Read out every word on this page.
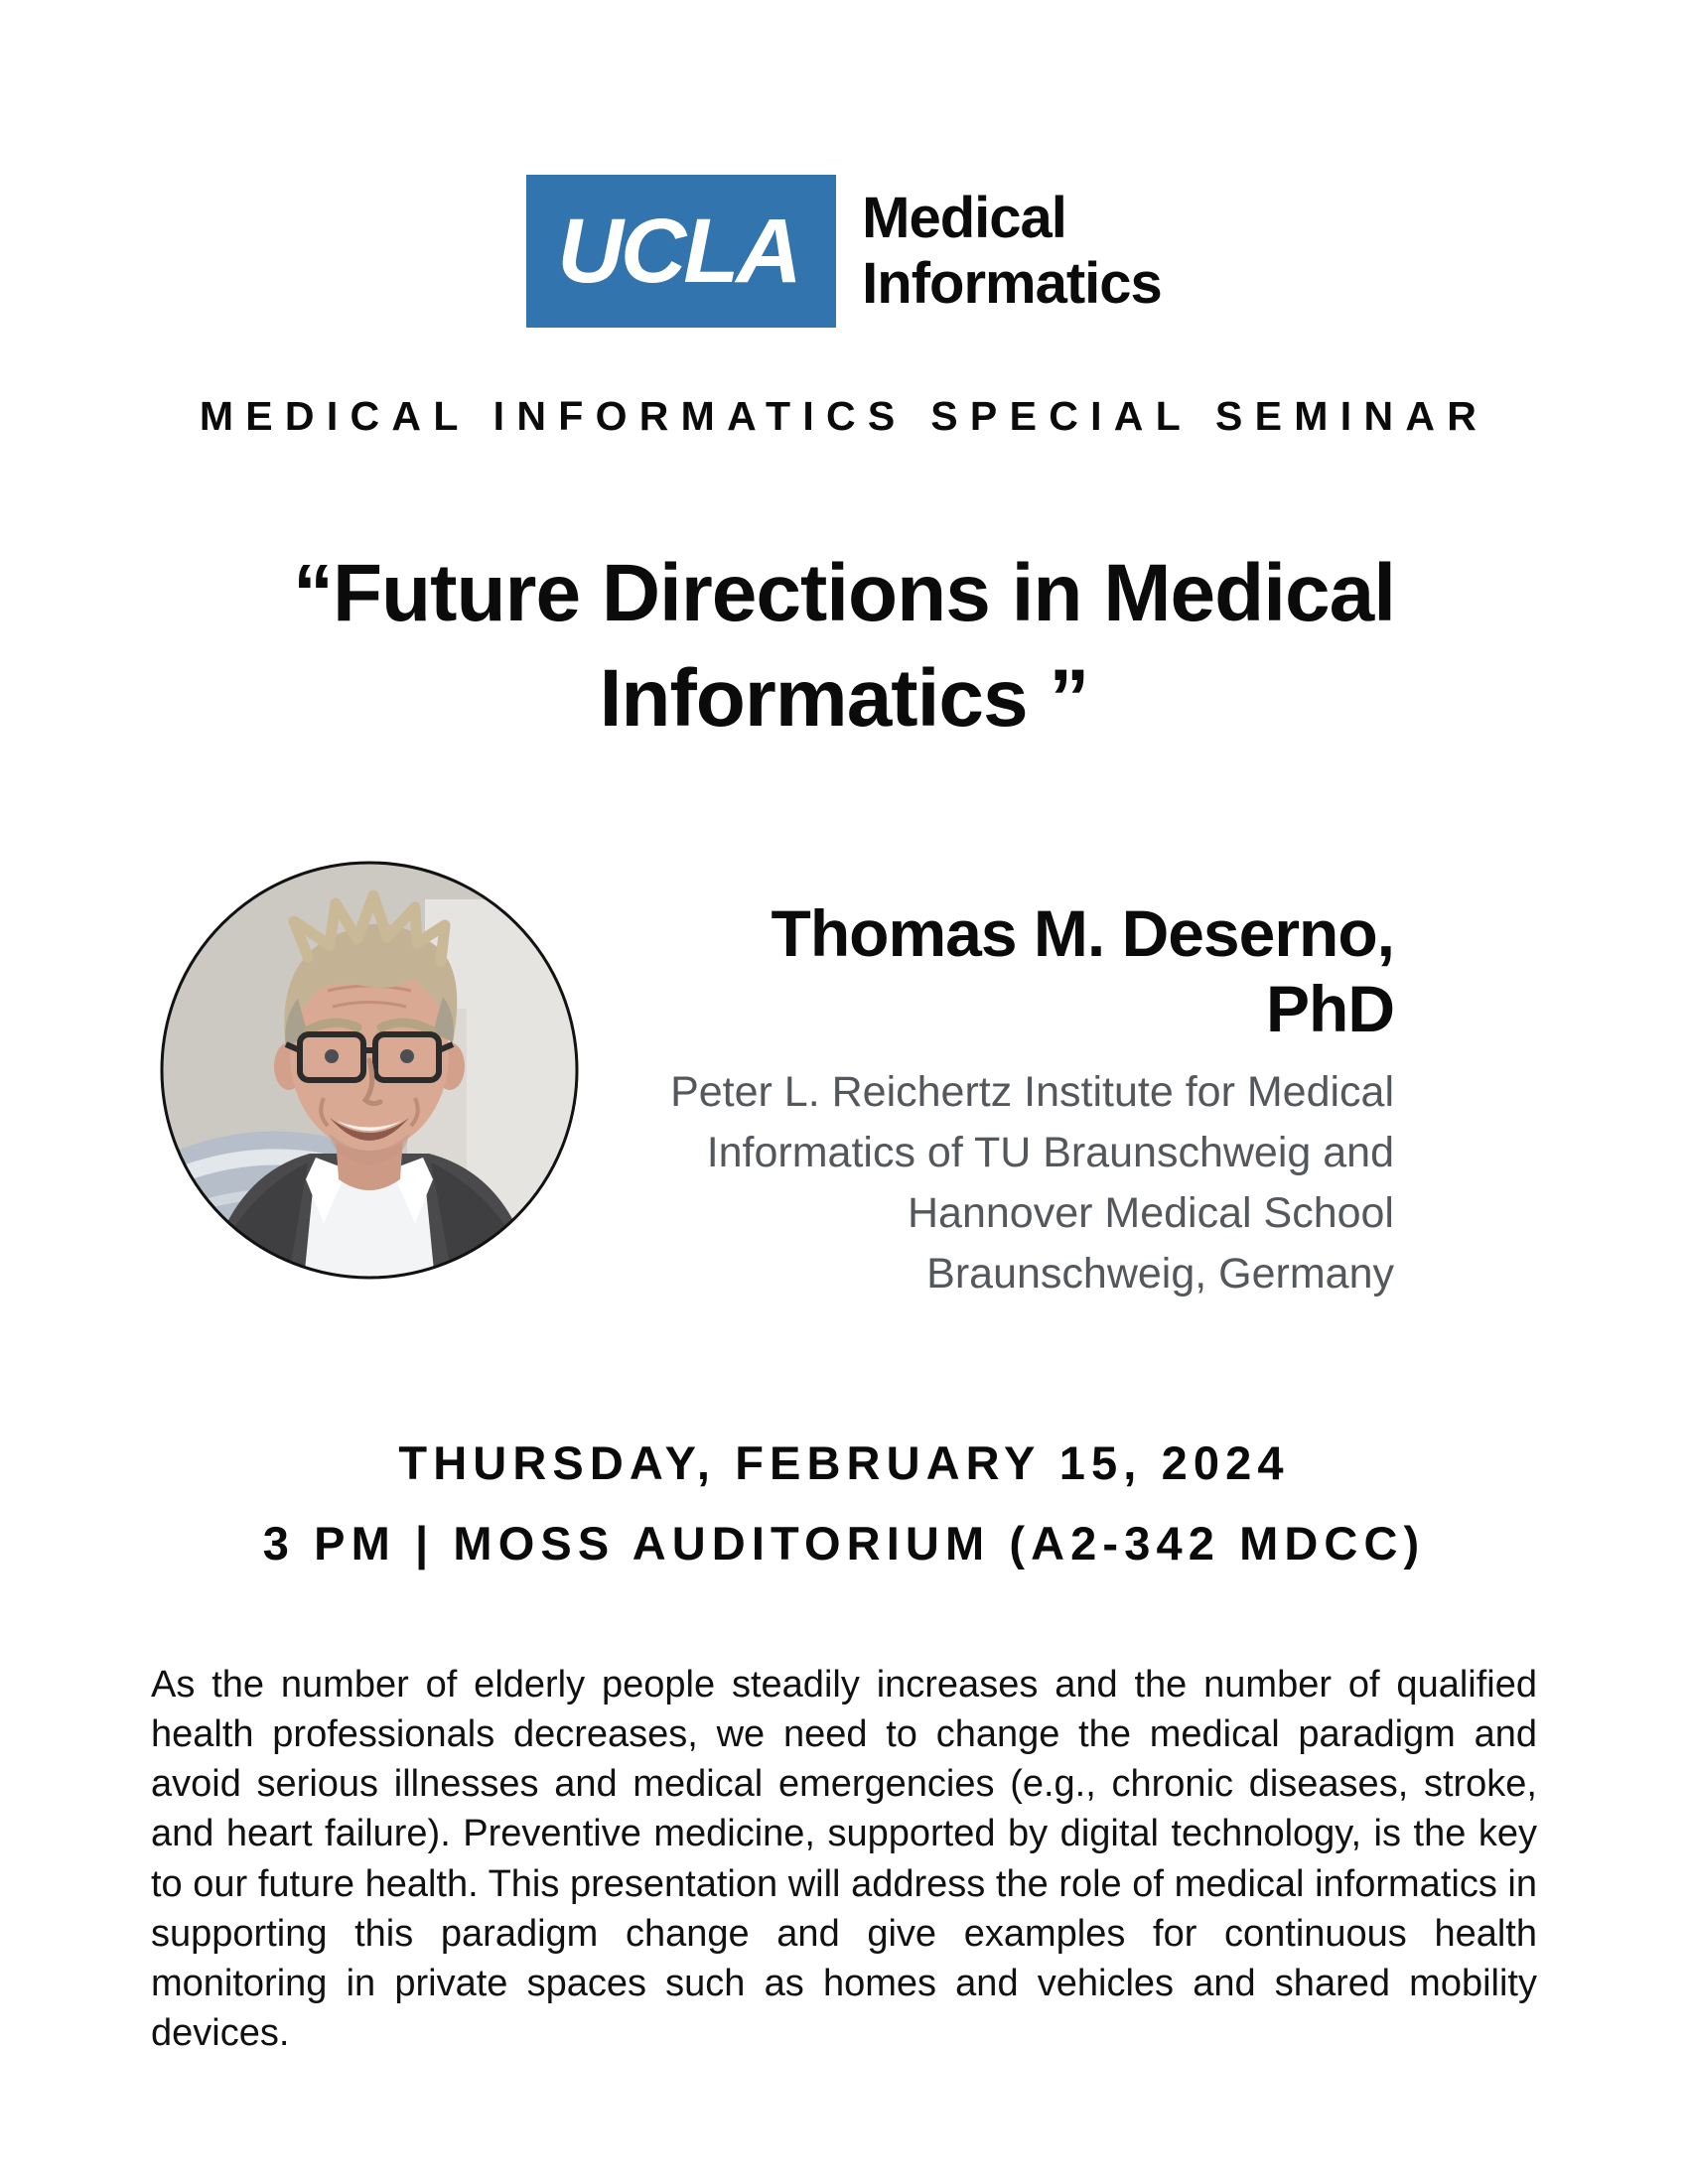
UCLA Medical
Informatics
MEDICAL INFORMATICS SPECIAL SEMINAR
“Future Directions in Medical
Informatics ”
Thomas M. Deserno, PhD
Peter L. Reichertz Institute for Medical
Informatics of TU Braunschweig and
Hannover Medical School
Braunschweig, Germany
THURSDAY, FEBRUARY 15, 2024
3 PM | MOSS AUDITORIUM (A2-342 MDCC)

As the number of elderly people steadily increases and the number of qualified health professionals decreases, we need to change the medical paradigm and avoid serious illnesses and medical emergencies (e.g., chronic diseases, stroke, and heart failure). Preventive medicine, supported by digital technology, is the key to our future health. This presentation will address the role of medical informatics in supporting this paradigm change and give examples for continuous health monitoring in private spaces such as homes and vehicles and shared mobility devices.
